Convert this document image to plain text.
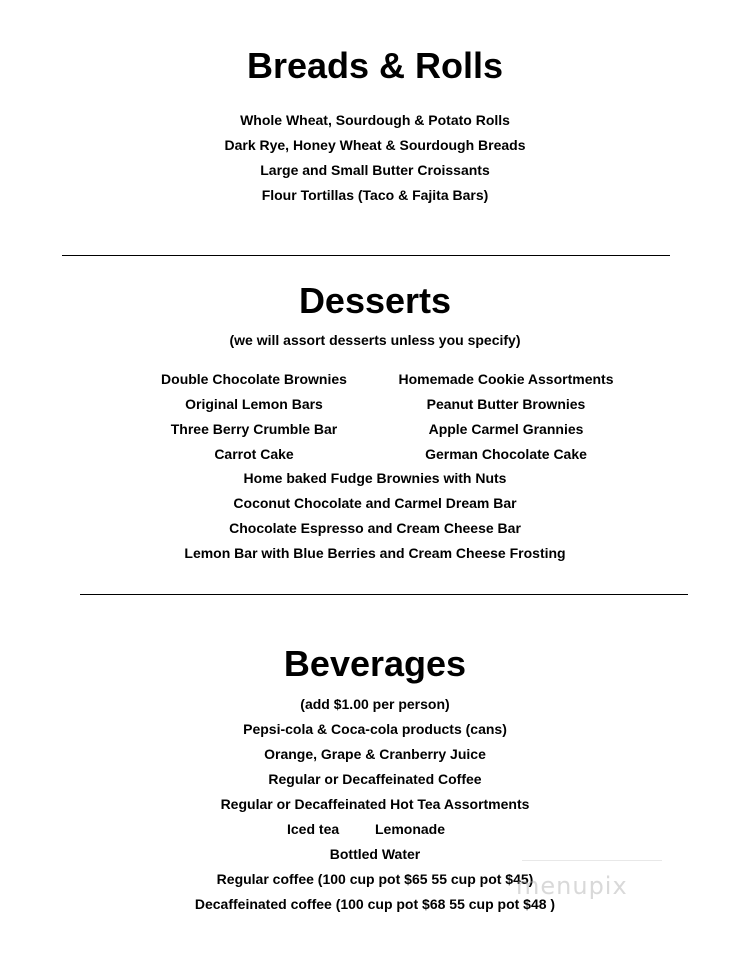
Breads & Rolls
Whole Wheat, Sourdough & Potato Rolls
Dark Rye, Honey Wheat & Sourdough Breads
Large and Small Butter Croissants
Flour Tortillas (Taco & Fajita Bars)
Desserts
(we will assort desserts unless you specify)
Double Chocolate Brownies
Original Lemon Bars
Three Berry Crumble Bar
Carrot Cake
Homemade Cookie Assortments
Peanut Butter Brownies
Apple Carmel Grannies
German Chocolate Cake
Home baked Fudge Brownies with Nuts
Coconut Chocolate and Carmel Dream Bar
Chocolate Espresso and Cream Cheese Bar
Lemon Bar with Blue Berries and Cream Cheese Frosting
Beverages
(add $1.00 per person)
Pepsi-cola & Coca-cola products (cans)
Orange, Grape & Cranberry Juice
Regular or Decaffeinated Coffee
Regular or Decaffeinated Hot Tea Assortments
Iced tea	Lemonade
Bottled Water
Regular coffee (100 cup pot $65 55 cup pot $45)
Decaffeinated coffee (100 cup pot $68 55 cup pot $48 )
menupix
